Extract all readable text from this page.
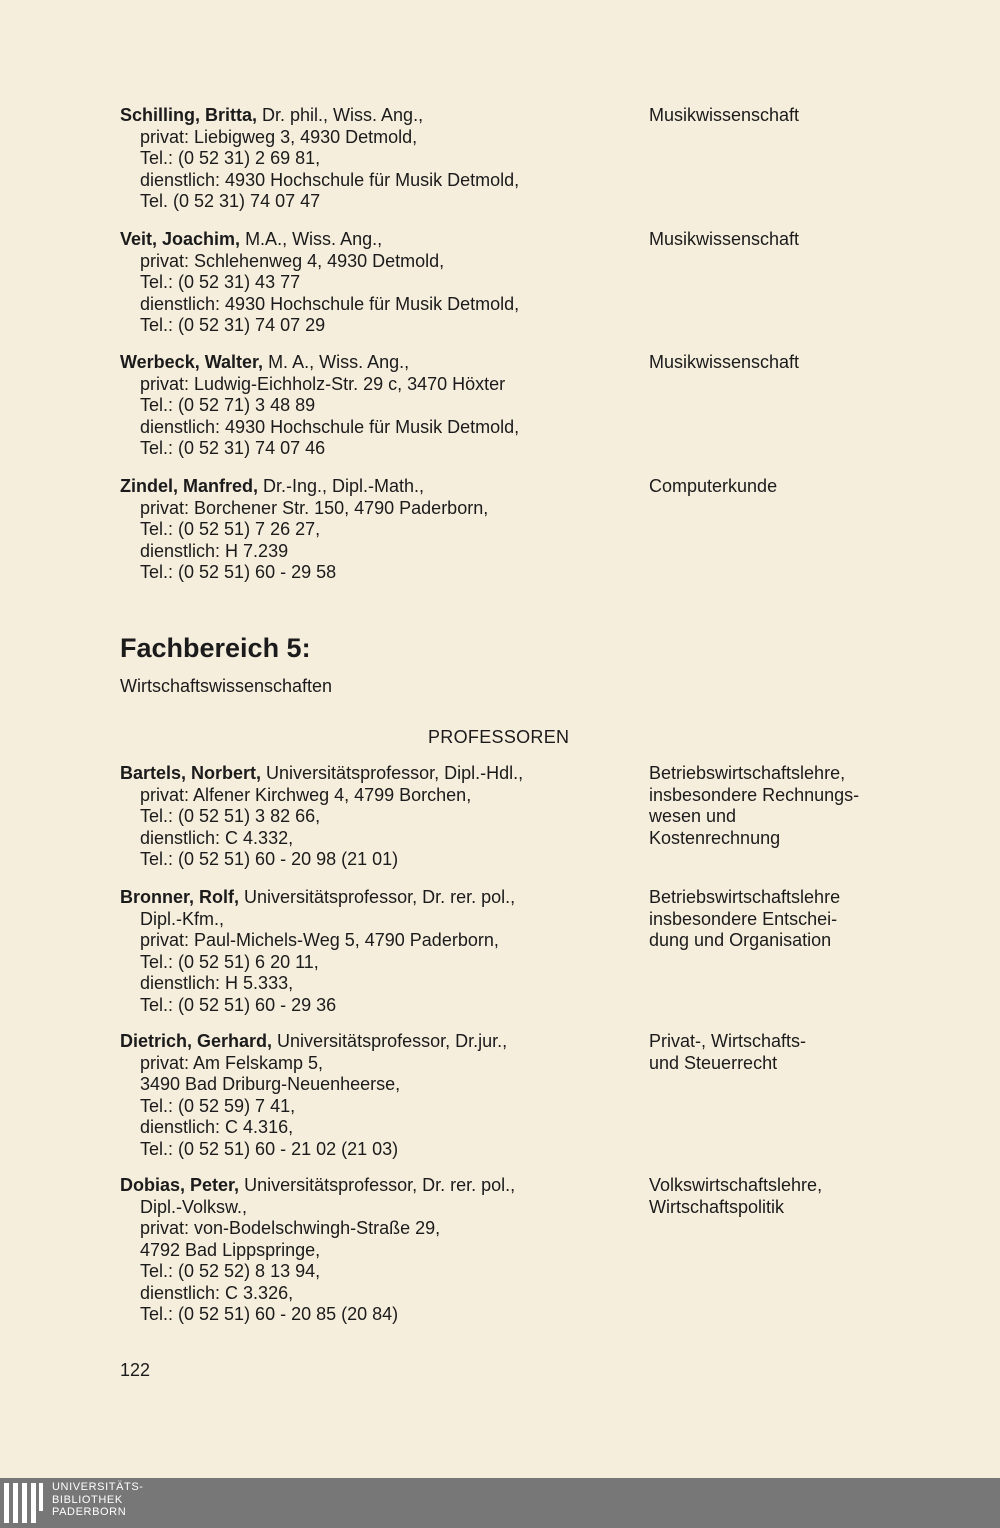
Schilling, Britta, Dr. phil., Wiss. Ang.,
privat: Liebigweg 3, 4930 Detmold,
Tel.: (0 52 31) 2 69 81,
dienstlich: 4930 Hochschule für Musik Detmold,
Tel. (0 52 31) 74 07 47
Musikwissenschaft
Veit, Joachim, M.A., Wiss. Ang.,
privat: Schlehenweg 4, 4930 Detmold,
Tel.: (0 52 31) 43 77
dienstlich: 4930 Hochschule für Musik Detmold,
Tel.: (0 52 31) 74 07 29
Musikwissenschaft
Werbeck, Walter, M. A., Wiss. Ang.,
privat: Ludwig-Eichholz-Str. 29 c, 3470 Höxter
Tel.: (0 52 71) 3 48 89
dienstlich: 4930 Hochschule für Musik Detmold,
Tel.: (0 52 31) 74 07 46
Musikwissenschaft
Zindel, Manfred, Dr.-Ing., Dipl.-Math.,
privat: Borchener Str. 150, 4790 Paderborn,
Tel.: (0 52 51) 7 26 27,
dienstlich: H 7.239
Tel.: (0 52 51) 60 - 29 58
Computerkunde
Fachbereich 5:
Wirtschaftswissenschaften
PROFESSOREN
Bartels, Norbert, Universitätsprofessor, Dipl.-Hdl.,
privat: Alfener Kirchweg 4, 4799 Borchen,
Tel.: (0 52 51) 3 82 66,
dienstlich: C 4.332,
Tel.: (0 52 51) 60 - 20 98 (21 01)
Betriebswirtschaftslehre,
insbesondere Rechnungs-
wesen und
Kostenrechnung
Bronner, Rolf, Universitätsprofessor, Dr. rer. pol.,
Dipl.-Kfm.,
privat: Paul-Michels-Weg 5, 4790 Paderborn,
Tel.: (0 52 51) 6 20 11,
dienstlich: H 5.333,
Tel.: (0 52 51) 60 - 29 36
Betriebswirtschaftslehre
insbesondere Entschei-
dung und Organisation
Dietrich, Gerhard, Universitätsprofessor, Dr.jur.,
privat: Am Felskamp 5,
3490 Bad Driburg-Neuenheerse,
Tel.: (0 52 59) 7 41,
dienstlich: C 4.316,
Tel.: (0 52 51) 60 - 21 02 (21 03)
Privat-, Wirtschafts-
und Steuerrecht
Dobias, Peter, Universitätsprofessor, Dr. rer. pol.,
Dipl.-Volksw.,
privat: von-Bodelschwingh-Straße 29,
4792 Bad Lippspringe,
Tel.: (0 52 52) 8 13 94,
dienstlich: C 3.326,
Tel.: (0 52 51) 60 - 20 85 (20 84)
Volkswirtschaftslehre,
Wirtschaftspolitik
122
UNIVERSITÄTS-
BIBLIOTHEK
PADERBORN
